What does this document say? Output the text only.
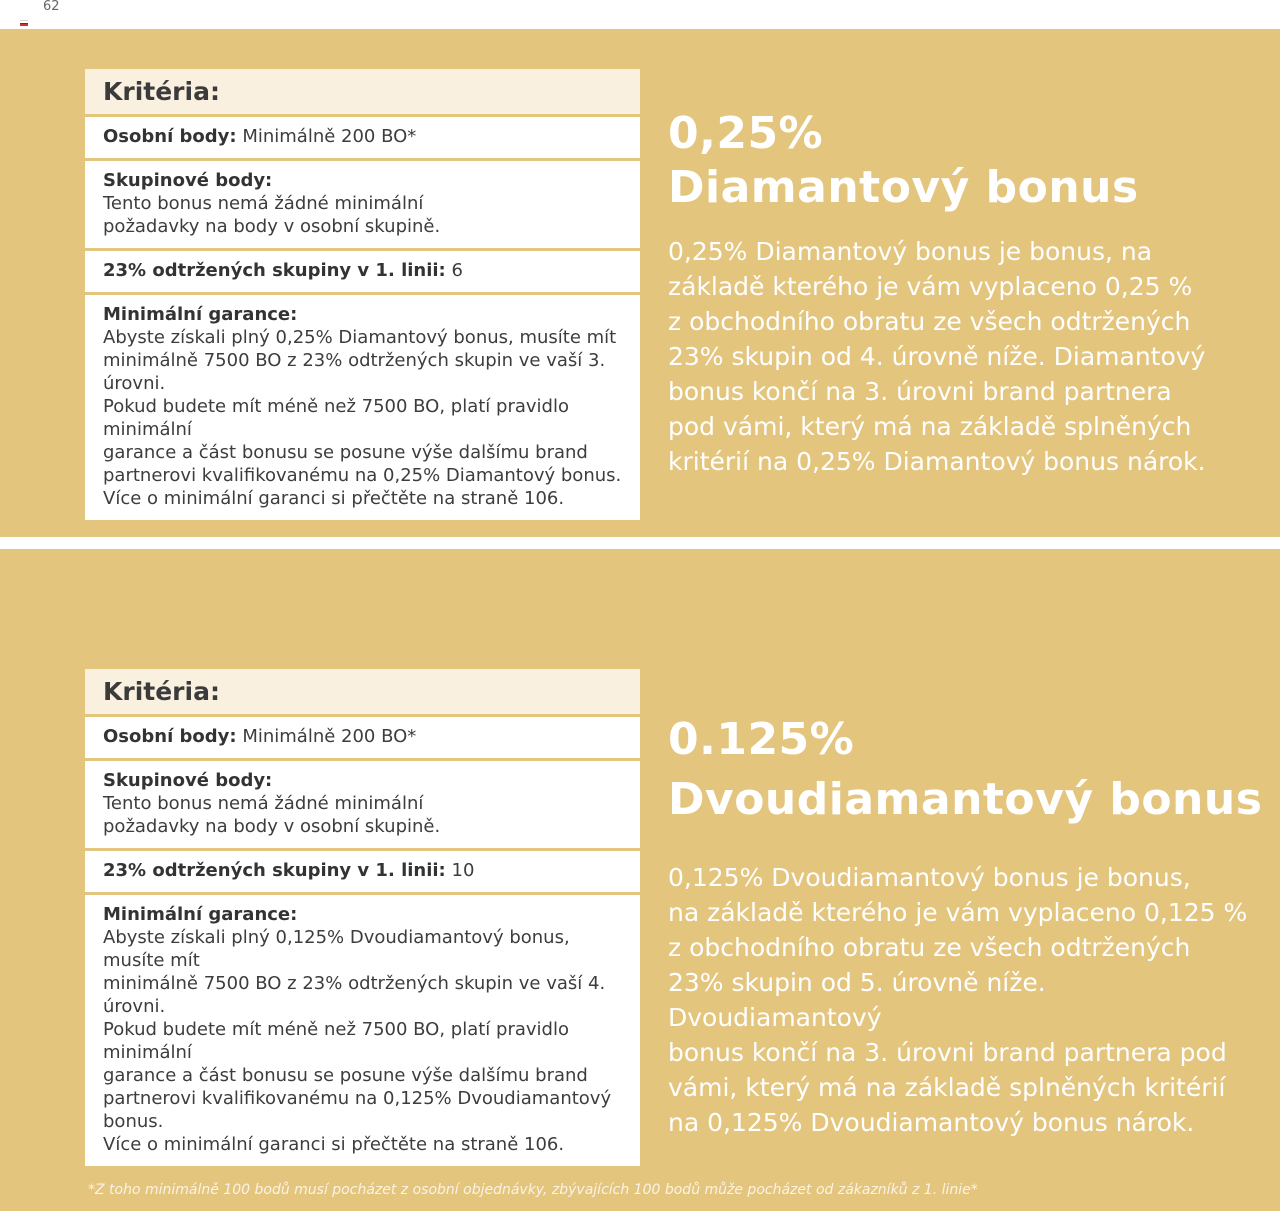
62
Kritéria:
Osobní body: Minimálně 200 BO*
Skupinové body:
Tento bonus nemá žádné minimální
požadavky na body v osobní skupině.
23% odtržených skupiny v 1. linii: 6
Minimální garance:
Abyste získali plný 0,25% Diamantový bonus, musíte mít
minimálně 7500 BO z 23% odtržených skupin ve vaší 3. úrovni.
Pokud budete mít méně než 7500 BO, platí pravidlo minimální
garance a část bonusu se posune výše dalšímu brand
partnerovi kvalifikovanému na 0,25% Diamantový bonus.
Více o minimální garanci si přečtěte na straně 106.
0,25%
Diamantový bonus
0,25% Diamantový bonus je bonus, na
základě kterého je vám vyplaceno 0,25 %
z obchodního obratu ze všech odtržených
23% skupin od 4. úrovně níže. Diamantový
bonus končí na 3. úrovni brand partnera
pod vámi, který má na základě splněných
kritérií na 0,25% Diamantový bonus nárok.
Kritéria:
Osobní body: Minimálně 200 BO*
Skupinové body:
Tento bonus nemá žádné minimální
požadavky na body v osobní skupině.
23% odtržených skupiny v 1. linii: 10
Minimální garance:
Abyste získali plný 0,125% Dvoudiamantový bonus, musíte mít
minimálně 7500 BO z 23% odtržených skupin ve vaší 4. úrovni.
Pokud budete mít méně než 7500 BO, platí pravidlo minimální
garance a část bonusu se posune výše dalšímu brand
partnerovi kvalifikovanému na 0,125% Dvoudiamantový bonus.
Více o minimální garanci si přečtěte na straně 106.
0.125%
Dvoudiamantový bonus
0,125% Dvoudiamantový bonus je bonus,
na základě kterého je vám vyplaceno 0,125 %
z obchodního obratu ze všech odtržených
23% skupin od 5. úrovně níže. Dvoudiamantový
bonus končí na 3. úrovni brand partnera pod
vámi, který má na základě splněných kritérií
na 0,125% Dvoudiamantový bonus nárok.
*Z toho minimálně 100 bodů musí pocházet z osobní objednávky, zbývajících 100 bodů může pocházet od zákazníků z 1. linie*
